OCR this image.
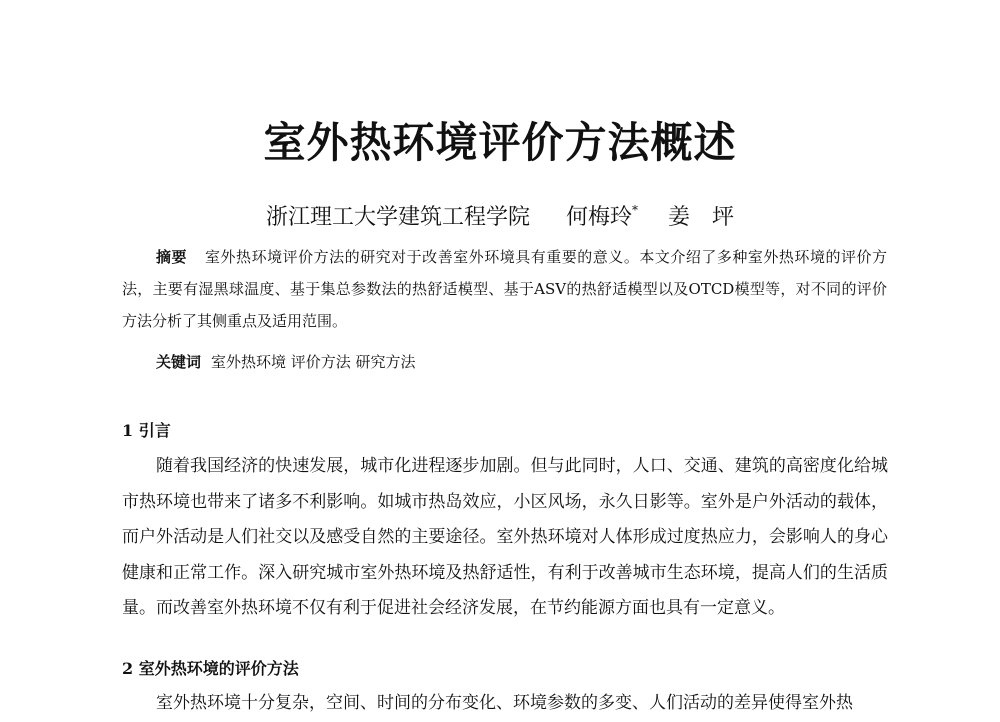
室外热环境评价方法概述
浙江理工大学建筑工程学院 何梅玲* 姜　坪

摘要 室外热环境评价方法的研究对于改善室外环境具有重要的意义。本文介绍了多种室外热环境的评价方法，主要有湿黑球温度、基于集总参数法的热舒适模型、基于ASV的热舒适模型以及OTCD模型等，对不同的评价方法分析了其侧重点及适用范围。

关键词 室外热环境 评价方法 研究方法
1 引言

随着我国经济的快速发展，城市化进程逐步加剧。但与此同时，人口、交通、建筑的高密度化给城市热环境也带来了诸多不利影响。如城市热岛效应，小区风场，永久日影等。室外是户外活动的载体，而户外活动是人们社交以及感受自然的主要途径。室外热环境对人体形成过度热应力，会影响人的身心健康和正常工作。深入研究城市室外热环境及热舒适性，有利于改善城市生态环境，提高人们的生活质量。而改善室外热环境不仅有利于促进社会经济发展，在节约能源方面也具有一定意义。

2 室外热环境的评价方法

室外热环境十分复杂，空间、时间的分布变化、环境参数的多变、人们活动的差异使得室外热
